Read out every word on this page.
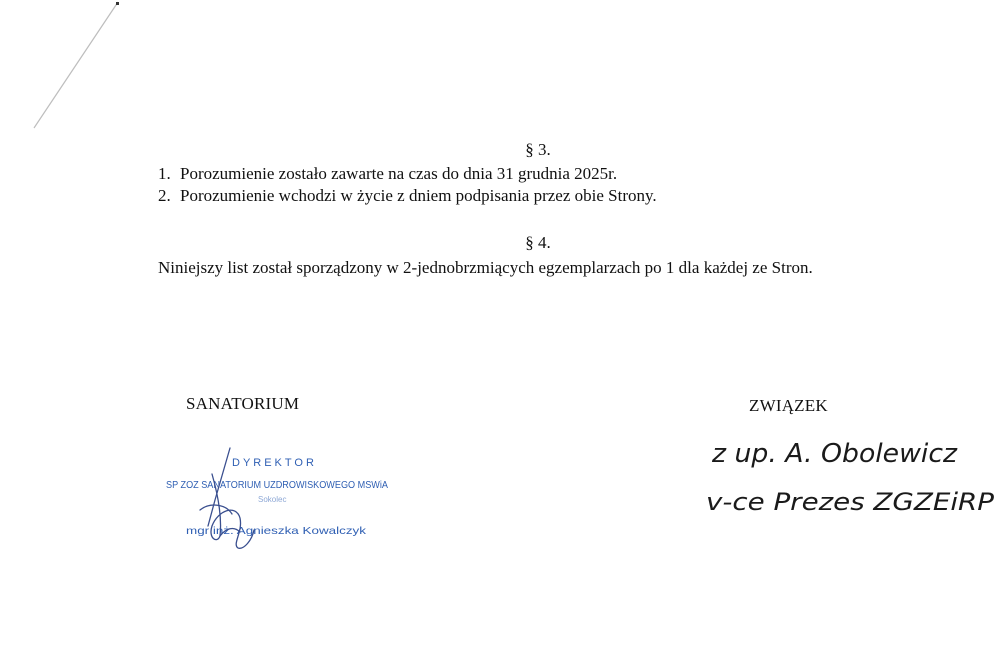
§ 3.
1. Porozumienie zostało zawarte na czas do dnia 31 grudnia 2025r.
2. Porozumienie wchodzi w życie z dniem podpisania przez obie Strony.
§ 4.

Niniejszy list został sporządzony w 2-jednobrzmiących egzemplarzach po 1 dla każdej ze Stron.

SANATORIUM	ZWIĄZEK
DYREKTOR
SP ZOZ SANATORIUM UZDROWISKOWEGO MSWiA
Sokolec
mgr inż. Agnieszka Kowalczyk
z up. A. Obolewicz
v-ce Prezes ZGZEiRP
